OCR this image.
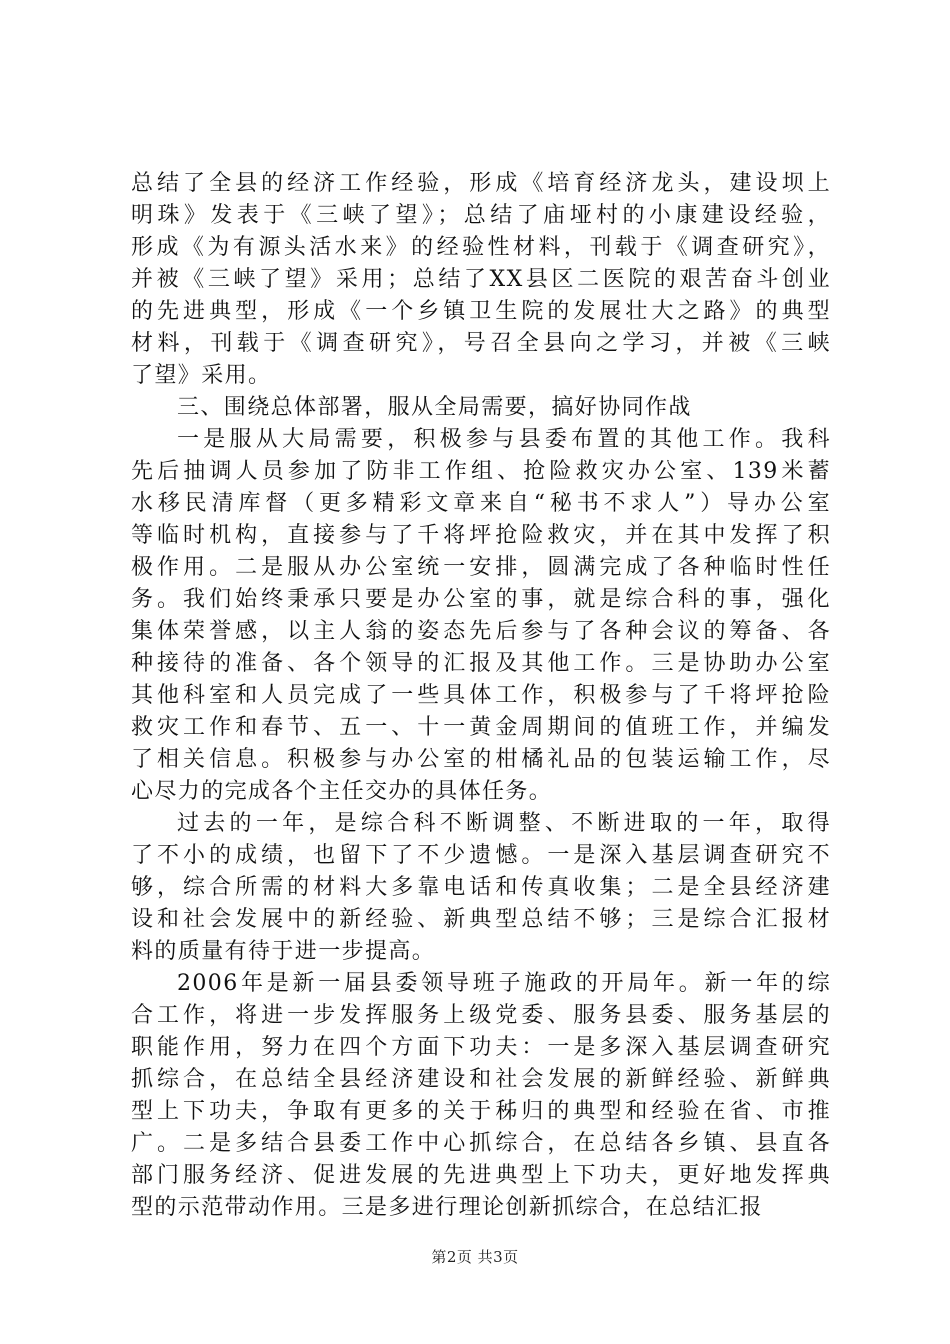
总结了全县的经济工作经验，形成《培育经济龙头，建设坝上
明珠》发表于《三峡了望》；总结了庙垭村的小康建设经验，
形成《为有源头活水来》的经验性材料，刊载于《调查研究》，
并被《三峡了望》采用；总结了XX县区二医院的艰苦奋斗创业
的先进典型，形成《一个乡镇卫生院的发展壮大之路》的典型
材料，刊载于《调查研究》，号召全县向之学习，并被《三峡
了望》采用。
三、围绕总体部署，服从全局需要，搞好协同作战
一是服从大局需要，积极参与县委布置的其他工作。我科
先后抽调人员参加了防非工作组、抢险救灾办公室、139米蓄
水移民清库督（更多精彩文章来自“秘书不求人”）导办公室
等临时机构，直接参与了千将坪抢险救灾，并在其中发挥了积
极作用。二是服从办公室统一安排，圆满完成了各种临时性任
务。我们始终秉承只要是办公室的事，就是综合科的事，强化
集体荣誉感，以主人翁的姿态先后参与了各种会议的筹备、各
种接待的准备、各个领导的汇报及其他工作。三是协助办公室
其他科室和人员完成了一些具体工作，积极参与了千将坪抢险
救灾工作和春节、五一、十一黄金周期间的值班工作，并编发
了相关信息。积极参与办公室的柑橘礼品的包装运输工作，尽
心尽力的完成各个主任交办的具体任务。
过去的一年，是综合科不断调整、不断进取的一年，取得
了不小的成绩，也留下了不少遗憾。一是深入基层调查研究不
够，综合所需的材料大多靠电话和传真收集；二是全县经济建
设和社会发展中的新经验、新典型总结不够；三是综合汇报材
料的质量有待于进一步提高。
2006年是新一届县委领导班子施政的开局年。新一年的综
合工作，将进一步发挥服务上级党委、服务县委、服务基层的
职能作用，努力在四个方面下功夫：一是多深入基层调查研究
抓综合，在总结全县经济建设和社会发展的新鲜经验、新鲜典
型上下功夫，争取有更多的关于秭归的典型和经验在省、市推
广。二是多结合县委工作中心抓综合，在总结各乡镇、县直各
部门服务经济、促进发展的先进典型上下功夫，更好地发挥典
型的示范带动作用。三是多进行理论创新抓综合，在总结汇报
第2页 共3页
